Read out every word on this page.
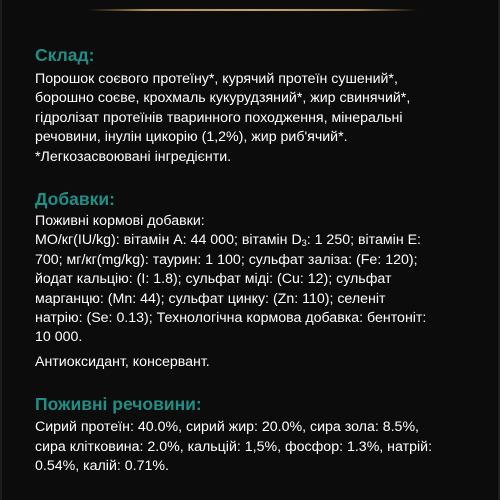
Склад:

Порошок соєвого протеїну*, курячий протеїн сушений*,
борошно соєве, крохмаль кукурудзяний*, жир свинячий*,
гідролізат протеїнів тваринного походження, мінеральні
речовини, інулін цикорію (1,2%), жир риб'ячий*.
*Легкозасвоювані інгредієнти.

Добавки:

Поживні кормові добавки:
МО/кг(IU/kg): вітамін А: 44 000; вітамін $D_3$: 1 250; вітамін Е:
700; мг/кг(mg/kg): таурин: 1 100; сульфат заліза: (Fe: 120);
йодат кальцію: (I: 1.8); сульфат міді: (Cu: 12); сульфат
марганцю: (Mn: 44); сульфат цинку: (Zn: 110); селеніт
натрію: (Se: 0.13); Технологічна кормова добавка: бентоніт:
10 000.

Антиоксидант, консервант.

Поживні речовини:

Сирий протеїн: 40.0%, сирий жир: 20.0%, сира зола: 8.5%,
сира клітковина: 2.0%, кальцій: 1,5%, фосфор: 1.3%, натрій:
0.54%, калій: 0.71%.
